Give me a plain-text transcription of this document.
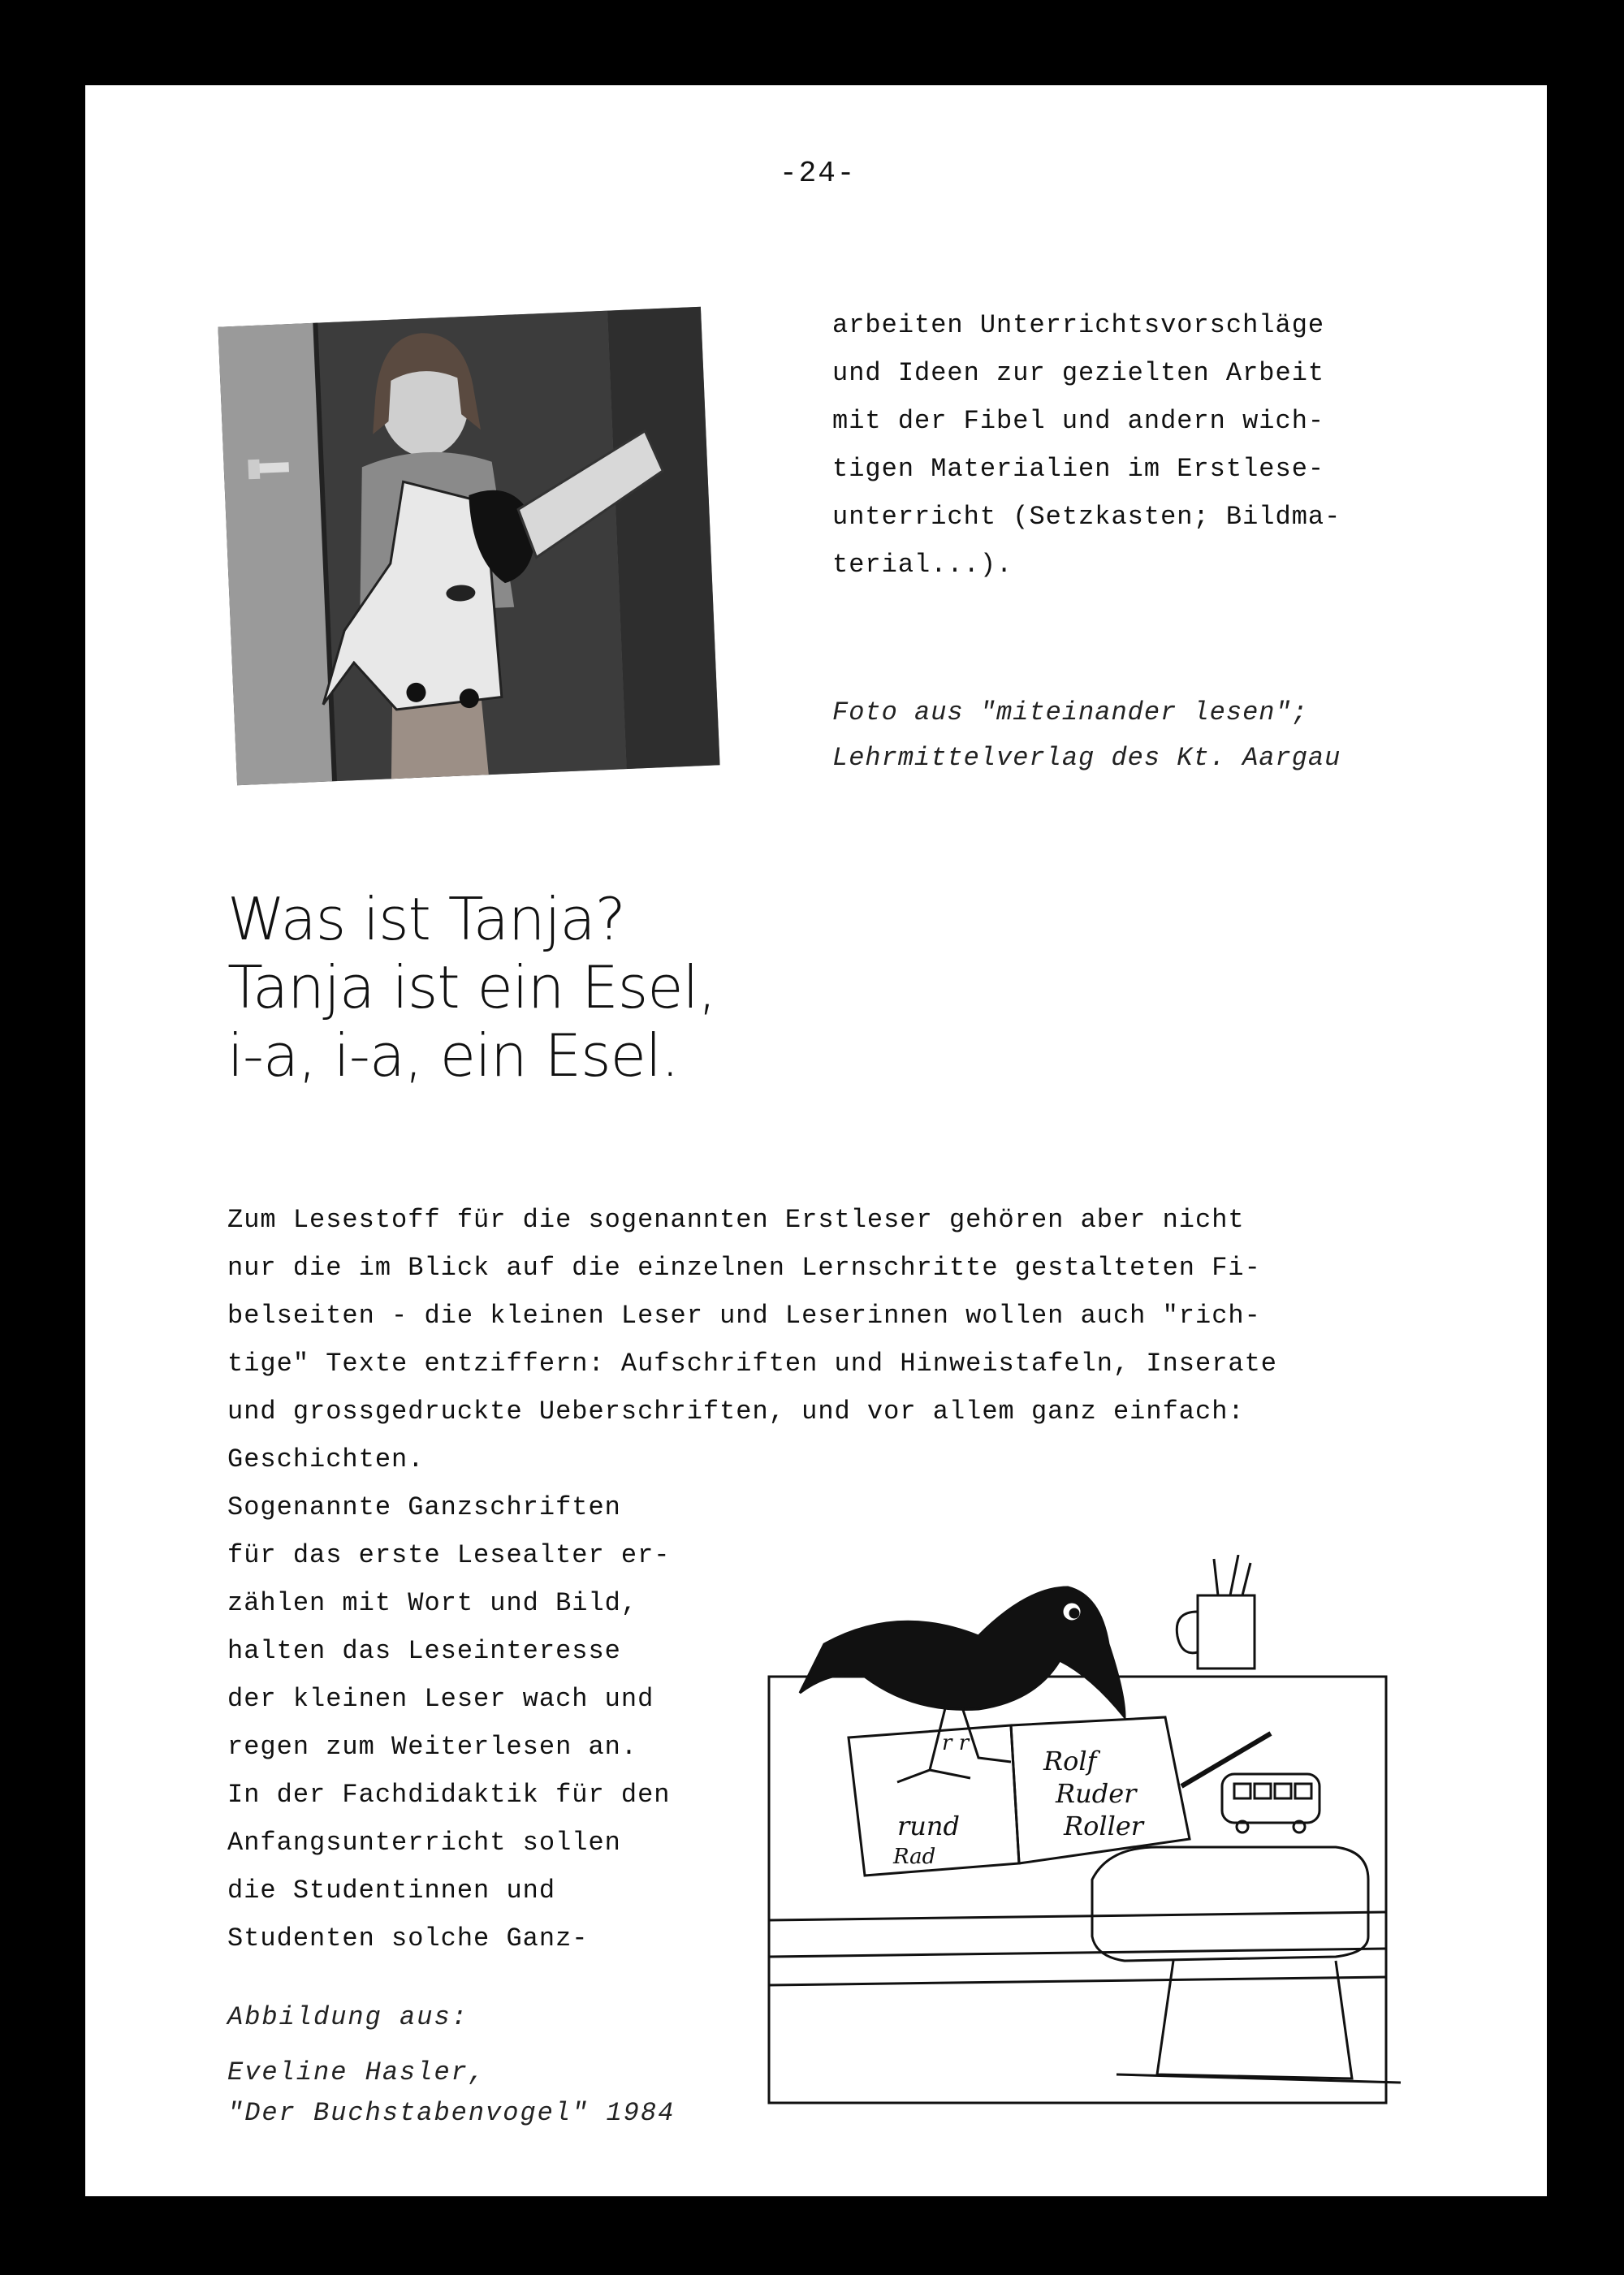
-24-
arbeiten Unterrichtsvorschläge
und Ideen zur gezielten Arbeit
mit der Fibel und andern wich-
tigen Materialien im Erstlese-
unterricht (Setzkasten; Bildma-
terial...).
Foto aus "miteinander lesen";
Lehrmittelverlag des Kt. Aargau
Was ist Tanja?
Tanja ist ein Esel,
i-a, i-a, ein Esel.
Zum Lesestoff für die sogenannten Erstleser gehören aber nicht
nur die im Blick auf die einzelnen Lernschritte gestalteten Fi-
belseiten - die kleinen Leser und Leserinnen wollen auch "rich-
tige" Texte entziffern: Aufschriften und Hinweistafeln, Inserate
und grossgedruckte Ueberschriften, und vor allem ganz einfach:
Geschichten.
Sogenannte Ganzschriften
für das erste Lesealter er-
zählen mit Wort und Bild,
halten das Leseinteresse
der kleinen Leser wach und
regen zum Weiterlesen an.
In der Fachdidaktik für den
Anfangsunterricht sollen
die Studentinnen und
Studenten solche Ganz-
rund
Rad
r r
Rolf
Ruder
Roller
Abbildung aus:
Eveline Hasler,
"Der Buchstabenvogel" 1984
